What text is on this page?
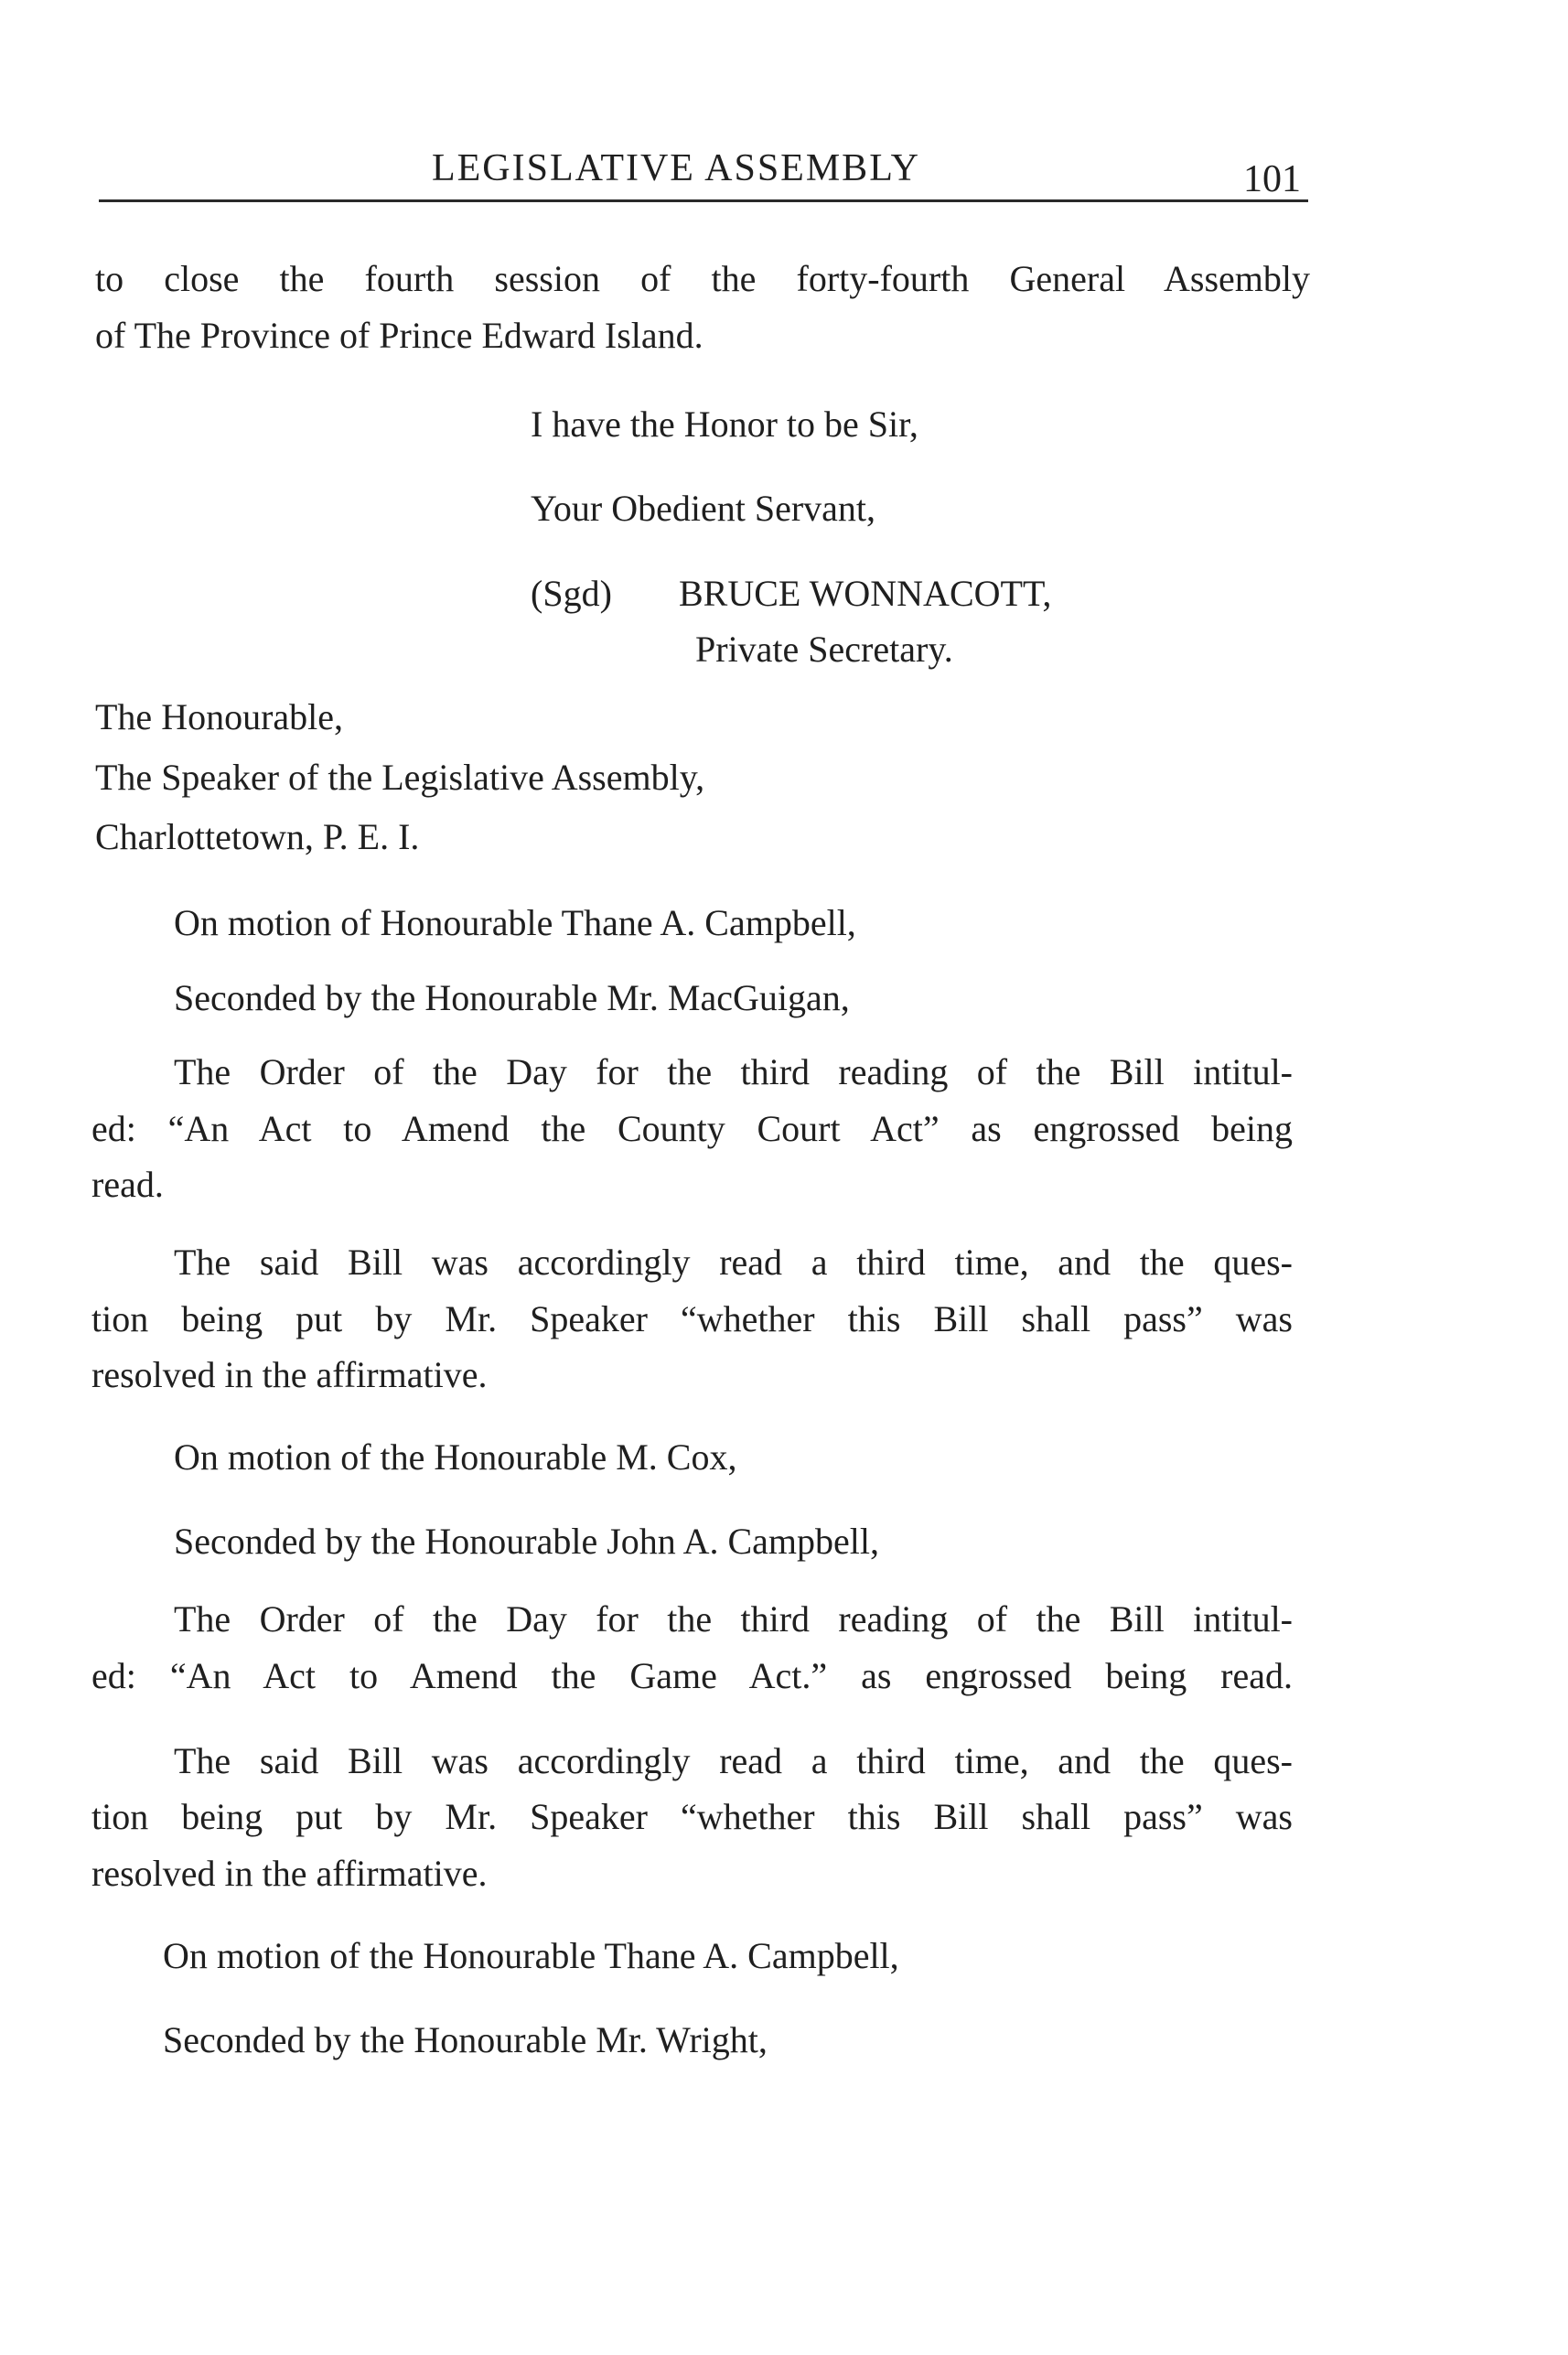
LEGISLATIVE ASSEMBLY	101
to close the fourth session of the forty-fourth General Assembly
of The Province of Prince Edward Island.
I have the Honor to be Sir,
Your Obedient Servant,
(Sgd) BRUCE WONNACOTT,
Private Secretary.
The Honourable,
The Speaker of the Legislative Assembly,
Charlottetown, P. E. I.
On motion of Honourable Thane A. Campbell,
Seconded by the Honourable Mr. MacGuigan,
The Order of the Day for the third reading of the Bill intitul-
ed: “An Act to Amend the County Court Act” as engrossed being
read.
The said Bill was accordingly read a third time, and the ques-
tion being put by Mr. Speaker “whether this Bill shall pass” was
resolved in the affirmative.
On motion of the Honourable M. Cox,
Seconded by the Honourable John A. Campbell,
The Order of the Day for the third reading of the Bill intitul-
ed: “An Act to Amend the Game Act.” as engrossed being read.
The said Bill was accordingly read a third time, and the ques-
tion being put by Mr. Speaker “whether this Bill shall pass” was
resolved in the affirmative.
On motion of the Honourable Thane A. Campbell,
Seconded by the Honourable Mr. Wright,
